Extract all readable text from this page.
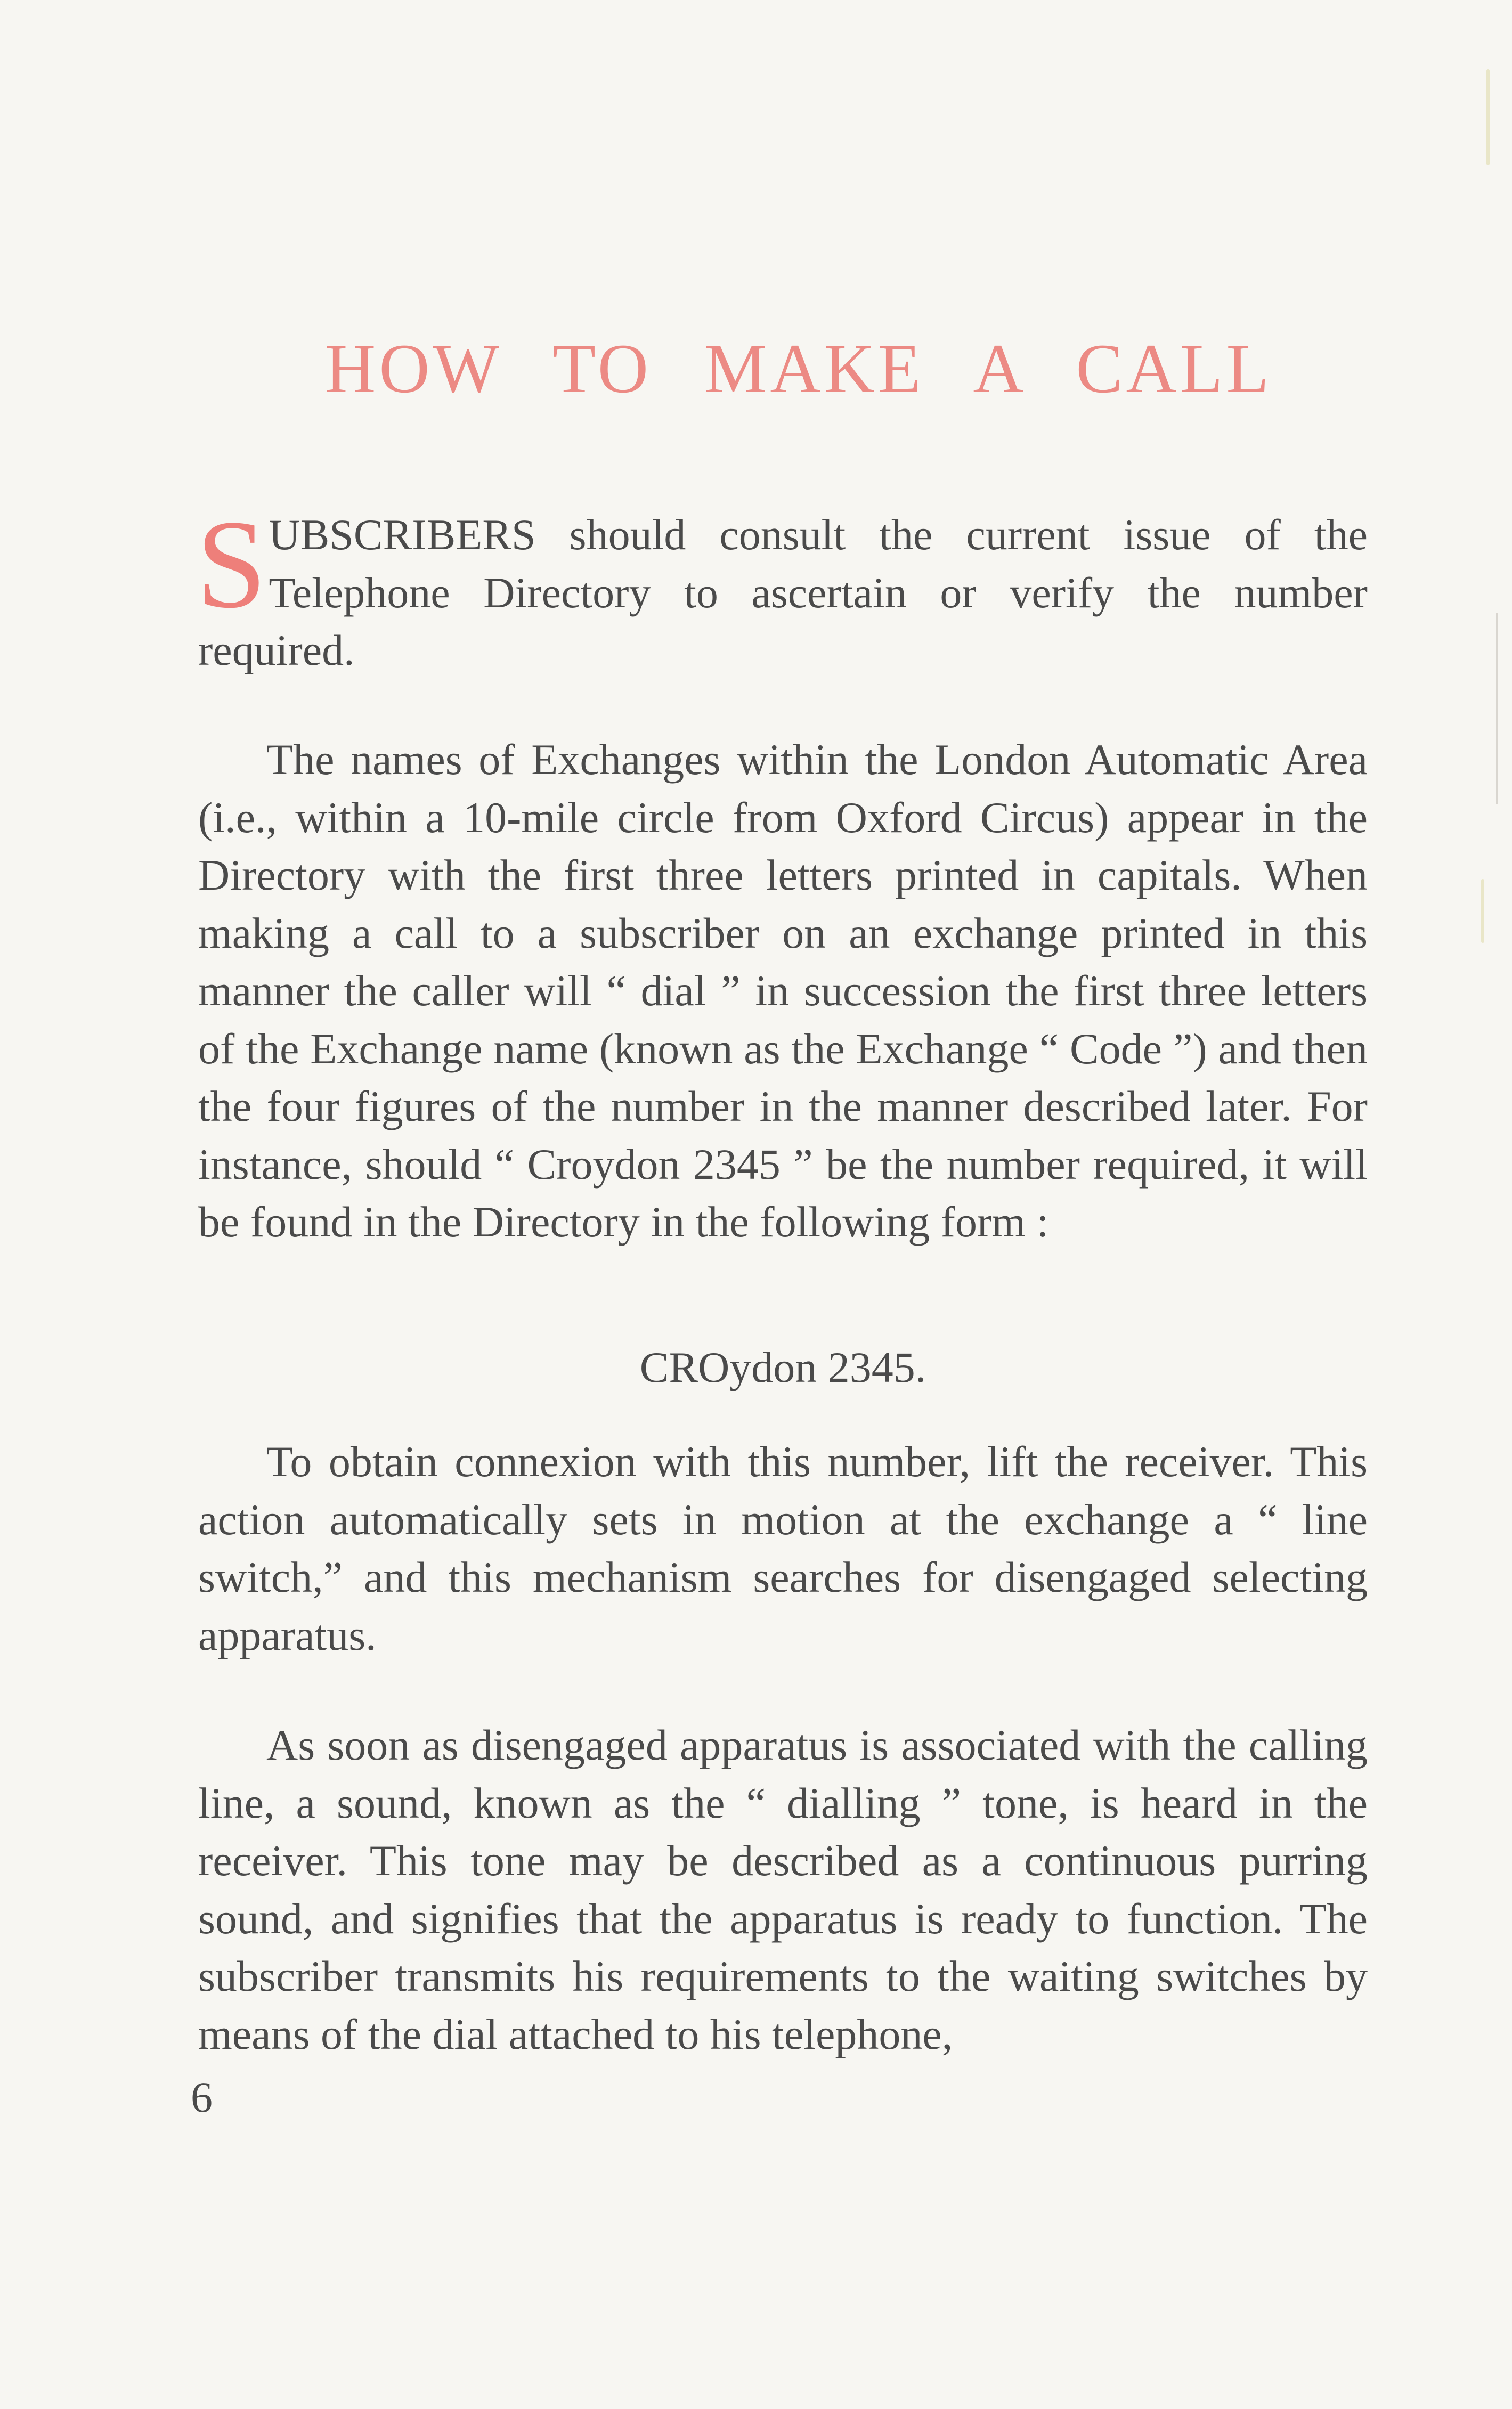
HOW TO MAKE A CALL
S UBSCRIBERS should consult the current issue of the Telephone Directory to ascertain or verify the number required.

The names of Exchanges within the London Automatic Area (i.e., within a 10-mile circle from Oxford Circus) appear in the Directory with the first three letters printed in capitals. When making a call to a subscriber on an exchange printed in this manner the caller will “ dial ” in succession the first three letters of the Exchange name (known as the Exchange “ Code ”) and then the four figures of the number in the manner described later. For instance, should “ Croydon 2345 ” be the number required, it will be found in the Directory in the following form :

CROydon 2345.

To obtain connexion with this number, lift the receiver. This action automatically sets in motion at the exchange a “ line switch,” and this mechanism searches for disengaged selecting apparatus.

As soon as disengaged apparatus is associated with the calling line, a sound, known as the “ dialling ” tone, is heard in the receiver. This tone may be described as a continuous purring sound, and signifies that the apparatus is ready to function. The subscriber transmits his requirements to the waiting switches by means of the dial attached to his telephone,

6
